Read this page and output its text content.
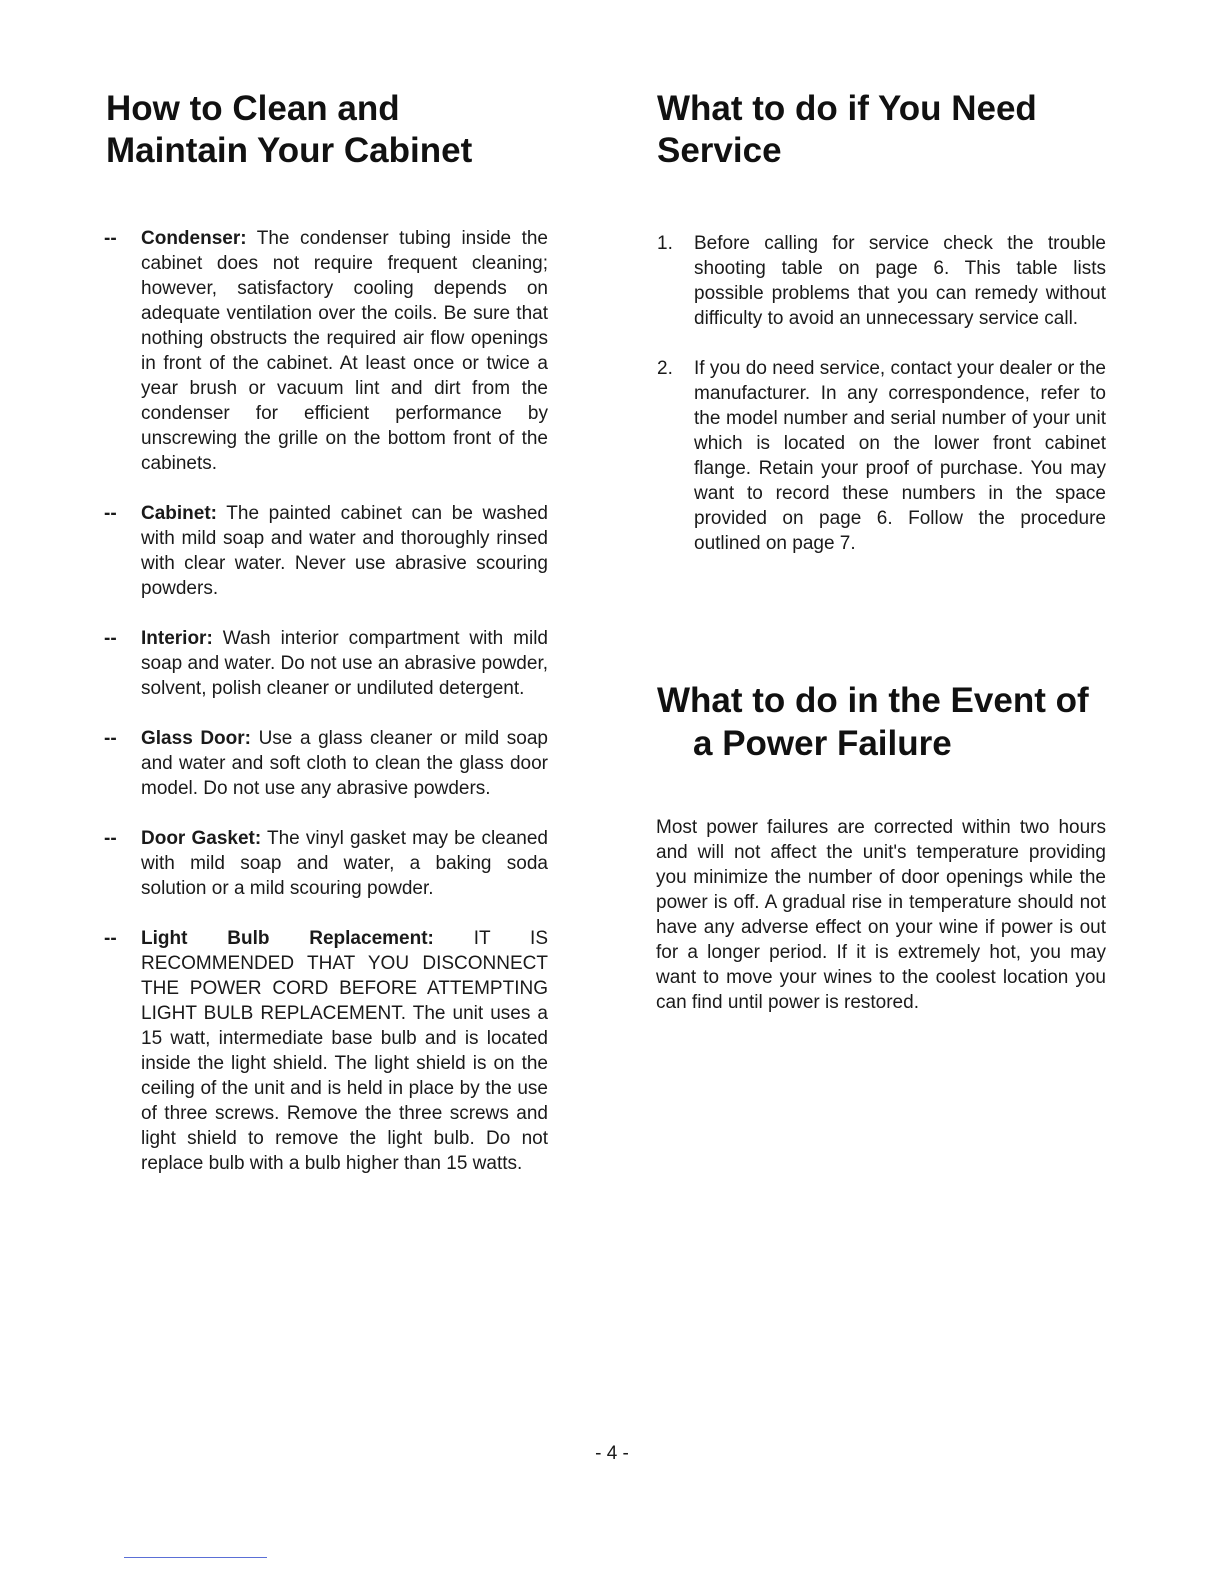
How to Clean and
Maintain Your Cabinet
--	Condenser: The condenser tubing inside the cabinet does not require frequent cleaning; however, satisfactory cooling depends on adequate ventilation over the coils. Be sure that nothing obstructs the required air flow openings in front of the cabinet. At least once or twice a year brush or vacuum lint and dirt from the condenser for efficient performance by unscrewing the grille on the bottom front of the cabinets.
--	Cabinet: The painted cabinet can be washed with mild soap and water and thoroughly rinsed with clear water. Never use abrasive scouring powders.
--	Interior: Wash interior compartment with mild soap and water. Do not use an abrasive powder, solvent, polish cleaner or undiluted detergent.
--	Glass Door: Use a glass cleaner or mild soap and water and soft cloth to clean the glass door model. Do not use any abrasive powders.
--	Door Gasket: The vinyl gasket may be cleaned with mild soap and water, a baking soda solution or a mild scouring powder.
--	Light Bulb Replacement: IT IS RECOMMENDED THAT YOU DISCONNECT THE POWER CORD BEFORE ATTEMPTING LIGHT BULB REPLACEMENT. The unit uses a 15 watt, intermediate base bulb and is located inside the light shield. The light shield is on the ceiling of the unit and is held in place by the use of three screws. Remove the three screws and light shield to remove the light bulb. Do not replace bulb with a bulb higher than 15 watts.
What to do if You Need
Service
1. Before calling for service check the trouble shooting table on page 6. This table lists possible problems that you can remedy without difficulty to avoid an unnecessary service call.
2. If you do need service, contact your dealer or the manufacturer. In any correspondence, refer to the model number and serial number of your unit which is located on the lower front cabinet flange. Retain your proof of purchase. You may want to record these numbers in the space provided on page 6. Follow the procedure outlined on page 7.
What to do in the Event of
a Power Failure

Most power failures are corrected within two hours and will not affect the unit's temperature providing you minimize the number of door openings while the power is off. A gradual rise in temperature should not have any adverse effect on your wine if power is out for a longer period. If it is extremely hot, you may want to move your wines to the coolest location you can find until power is restored.

- 4 -
